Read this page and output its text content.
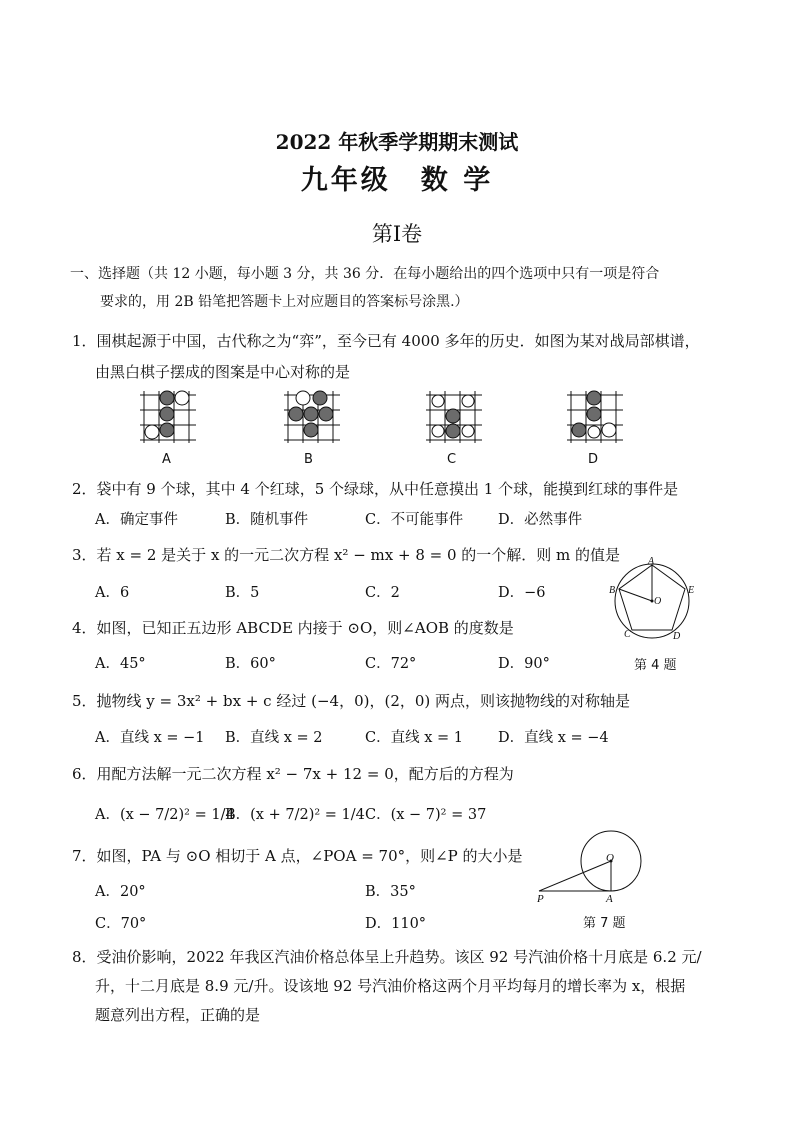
2022 年秋季学期期末测试
九年级　数 学
第Ⅰ卷
一、选择题（共 12 小题，每小题 3 分，共 36 分．在每小题给出的四个选项中只有一项是符合
要求的，用 2B 铅笔把答题卡上对应题目的答案标号涂黑.）
1．围棋起源于中国，古代称之为“弈”，至今已有 4000 多年的历史．如图为某对战局部棋谱，
由黑白棋子摆成的图案是中心对称的是
A	B	C	D
2．袋中有 9 个球，其中 4 个红球，5 个绿球，从中任意摸出 1 个球，能摸到红球的事件是
A．确定事件	B．随机事件	C．不可能事件 D．必然事件
3．若 x = 2 是关于 x 的一元二次方程 x² − mx + 8 = 0 的一个解．则 m 的值是
A．6	B．5	C．2	D．−6
A
B
C	D
E
O
第 4 题
4．如图，已知正五边形 ABCDE 内接于 ⊙O，则∠AOB 的度数是
A．45°	B．60°	C．72°	D．90°
5．抛物线 y = 3x² + bx + c 经过 (−4，0)，(2，0) 两点，则该抛物线的对称轴是
A．直线 x = −1 B．直线 x = 2	C．直线 x = 1 D．直线 x = −4
6．用配方法解一元二次方程 x² − 7x + 12 = 0，配方后的方程为
A．(x − 7/2)² = 1/4
B．(x + 7/2)² = 1/4 C．(x − 7)² = 37
O
P	A
第 7 题
7．如图，PA 与 ⊙O 相切于 A 点，∠POA = 70°，则∠P 的大小是
A．20°	B．35°
C．70°	D．110°
8．受油价影响，2022 年我区汽油价格总体呈上升趋势。该区 92 号汽油价格十月底是 6.2 元/
升，十二月底是 8.9 元/升。设该地 92 号汽油价格这两个月平均每月的增长率为 x，根据
题意列出方程，正确的是
